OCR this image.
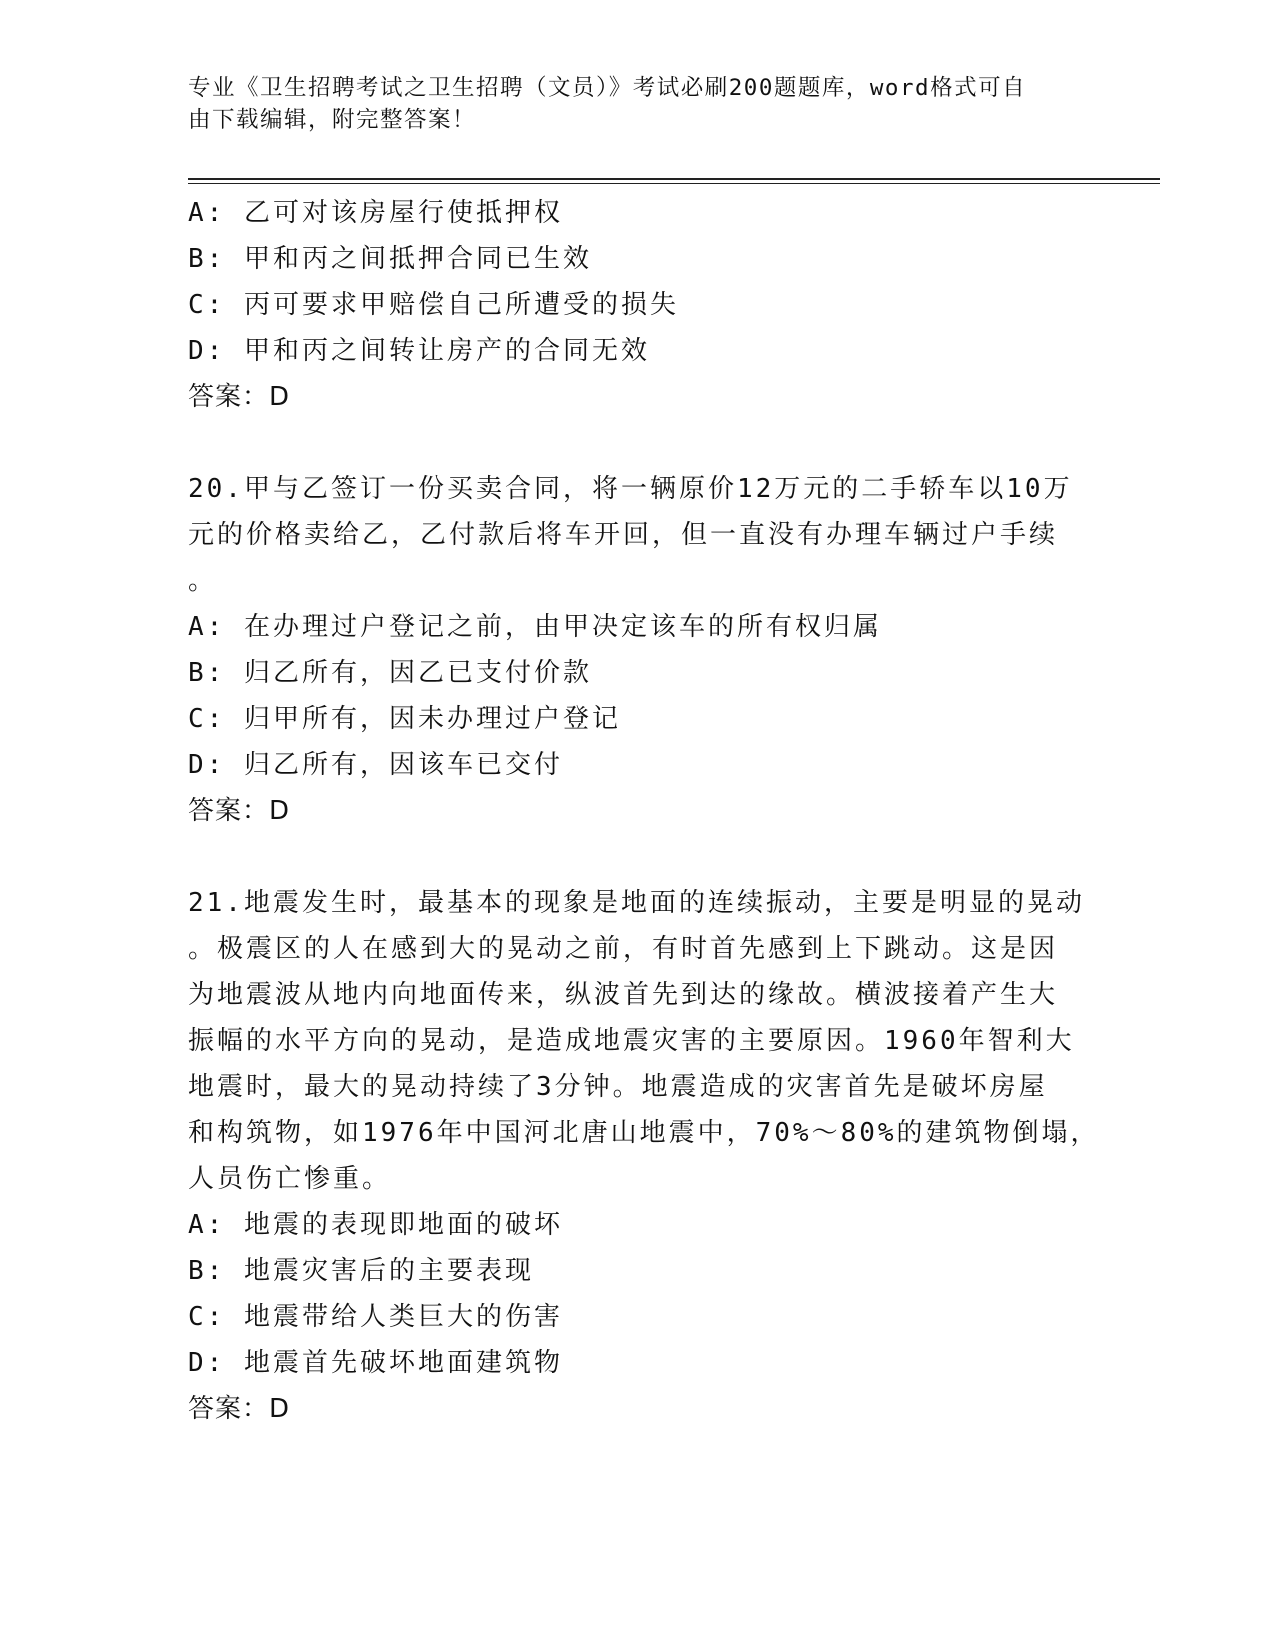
专业《卫生招聘考试之卫生招聘（文员）》考试必刷200题题库，word格式可自
由下载编辑，附完整答案！
A: 乙可对该房屋行使抵押权
B: 甲和丙之间抵押合同已生效
C: 丙可要求甲赔偿自己所遭受的损失
D: 甲和丙之间转让房产的合同无效
答案：D
20.甲与乙签订一份买卖合同，将一辆原价12万元的二手轿车以10万
元的价格卖给乙，乙付款后将车开回，但一直没有办理车辆过户手续
。
A: 在办理过户登记之前，由甲决定该车的所有权归属
B: 归乙所有，因乙已支付价款
C: 归甲所有，因未办理过户登记
D: 归乙所有，因该车已交付
答案：D
21.地震发生时，最基本的现象是地面的连续振动，主要是明显的晃动
。极震区的人在感到大的晃动之前，有时首先感到上下跳动。这是因
为地震波从地内向地面传来，纵波首先到达的缘故。横波接着产生大
振幅的水平方向的晃动，是造成地震灾害的主要原因。1960年智利大
地震时，最大的晃动持续了3分钟。地震造成的灾害首先是破坏房屋
和构筑物，如1976年中国河北唐山地震中，70%～80%的建筑物倒塌，
人员伤亡惨重。
A: 地震的表现即地面的破坏
B: 地震灾害后的主要表现
C: 地震带给人类巨大的伤害
D: 地震首先破坏地面建筑物
答案：D
